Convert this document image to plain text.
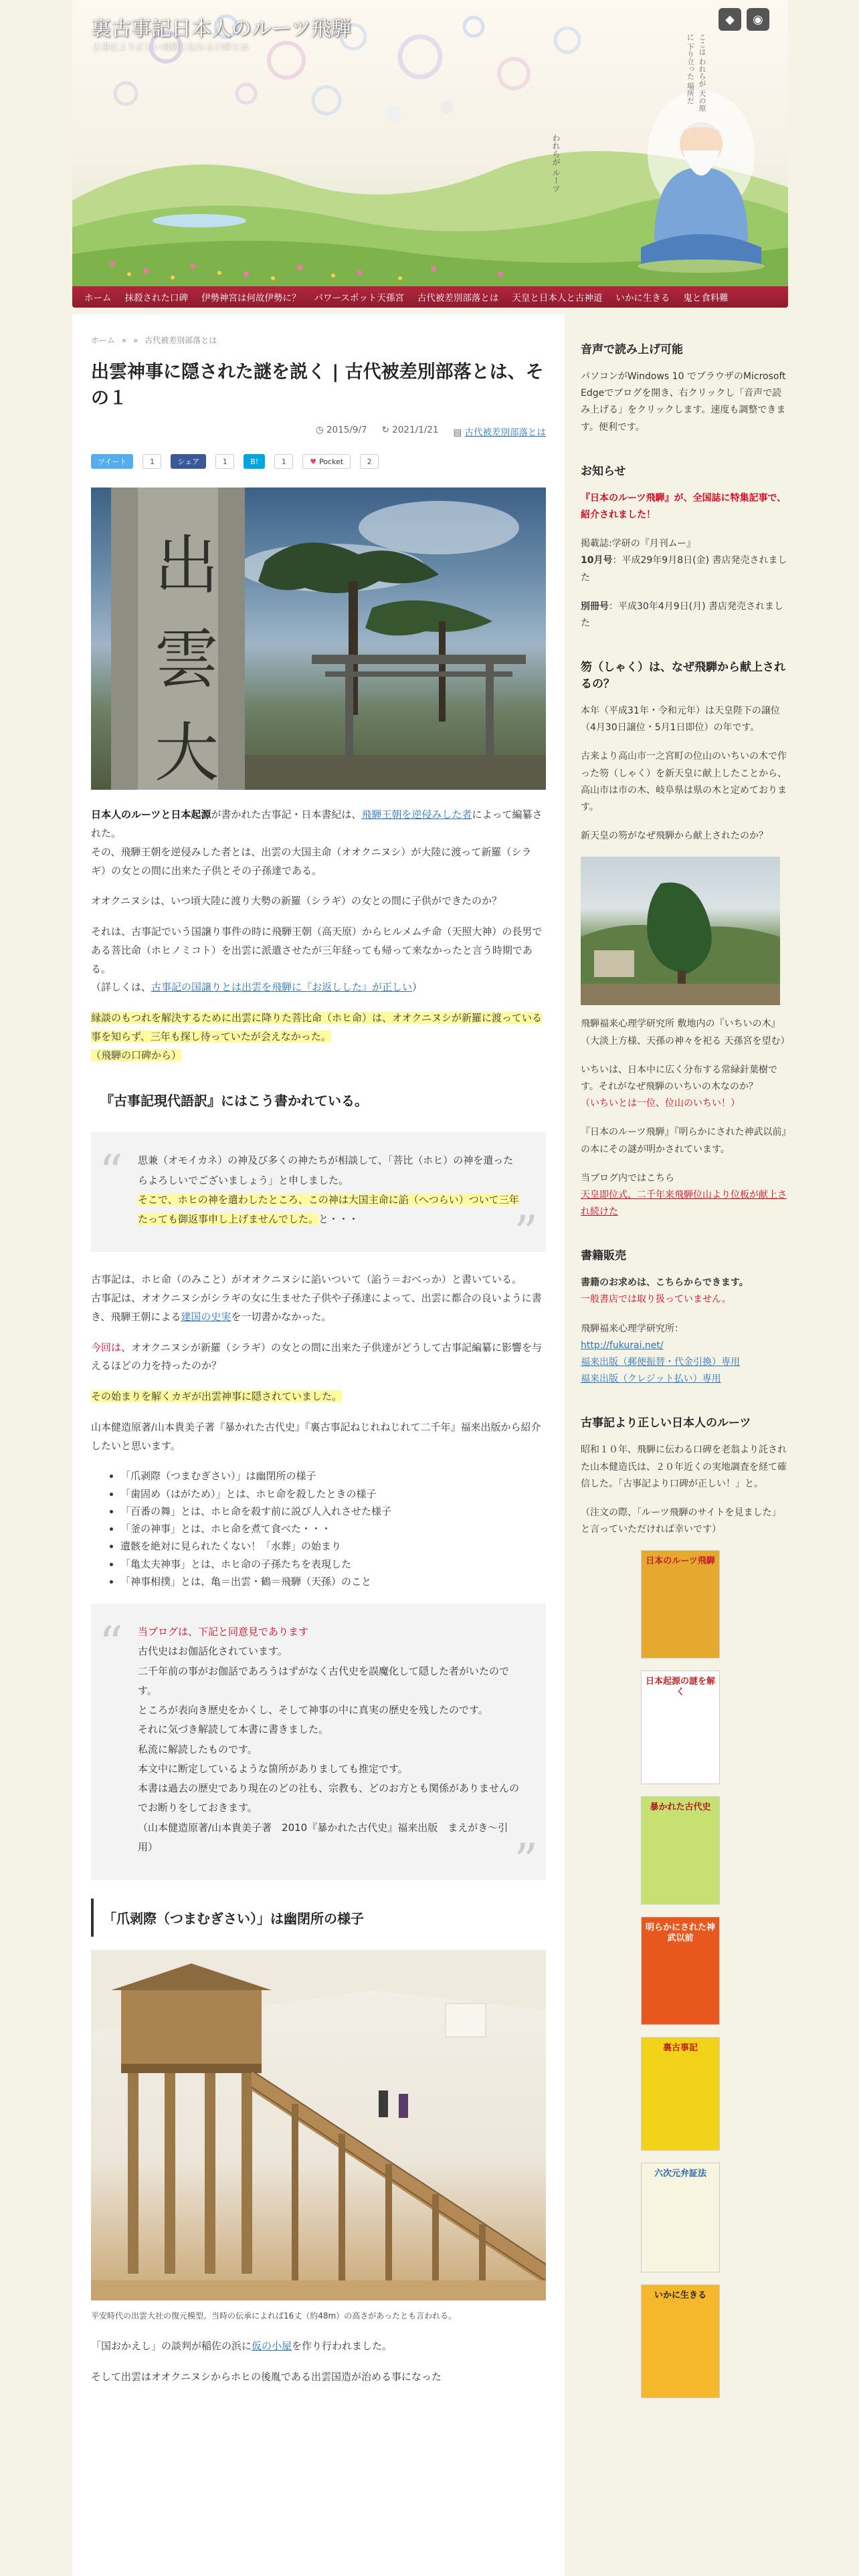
ここは われらが 天の原に 下り立った 場所だ
われらが ルーツ
裏古事記日本人のルーツ飛騨
古事記より正しい飛騨に伝わる口碑とは
◆	◉
ホーム	抹殺された口碑	伊勢神宮は何故伊勢に？	パワースポット天孫宮	古代被差別部落とは	天皇と日本人と古神道	いかに生きる	鬼と食料難
ホーム » » 古代被差別部落とは
出雲神事に隠された謎を説く | 古代被差別部落とは、その１
◷ 2015/9/7 ↻ 2021/1/21 ▤ 古代被差別部落とは
ツイート	1	シェア	1	B!	1	♥ Pocket	2
出
雲
大

日本人のルーツと日本起源が書かれた古事記・日本書紀は、飛騨王朝を逆侵みした者によって編纂された。
その、飛騨王朝を逆侵みした者とは、出雲の大国主命（オオクニヌシ）が大陸に渡って新羅（シラギ）の女との間に出来た子供とその子孫達である。

オオクニヌシは、いつ頃大陸に渡り大勢の新羅（シラギ）の女との間に子供ができたのか？

それは、古事記でいう国譲り事件の時に飛騨王朝（高天原）からヒルメムチ命（天照大神）の長男である菩比命（ホヒノミコト）を出雲に派遣させたが三年経っても帰って来なかったと言う時期である。
（詳しくは、古事記の国譲りとは出雲を飛騨に『お返しした』が正しい）

縁談のもつれを解決するために出雲に降りた菩比命（ホヒ命）は、オオクニヌシが新羅に渡っている事を知らず、三年も探し待っていたが会えなかった。
（飛騨の口碑から）

『古事記現代語訳』にはこう書かれている。
“ 思兼（オモイカネ）の神及び多くの神たちが相談して、「菩比（ホヒ）の神を遣ったらよろしいでございましょう」と申しました。
そこで、ホヒの神を遣わしたところ、この神は大国主命に諂（へつらい）ついて三年たっても御返事申し上げませんでした。と・・・	”

古事記は、ホヒ命（のみこと）がオオクニヌシに諂いついて（諂う＝おべっか）と書いている。
古事記は、オオクニヌシがシラギの女に生ませた子供や子孫達によって、出雲に都合の良いように書き、飛騨王朝による建国の史実を一切書かなかった。

今回は、オオクニヌシが新羅（シラギ）の女との間に出来た子供達がどうして古事記編纂に影響を与えるほどの力を持ったのか？

その始まりを解くカギが出雲神事に隠されていました。

山本健造原著/山本貴美子著『暴かれた古代史』『裏古事記ねじれねじれて二千年』福来出版から紹介したいと思います。

• 「爪剥際（つまむぎさい）」は幽閉所の様子
• 「歯固め（はがため）」とは、ホヒ命を殺したときの様子
• 「百番の舞」とは、ホヒ命を殺す前に説び人入れさせた様子
• 「釜の神事」とは、ホヒ命を煮て食べた・・・
• 遺骸を絶対に見られたくない！「水葬」の始まり
• 「亀太夫神事」とは、ホヒ命の子孫たちを表現した
• 「神事相撲」とは、亀＝出雲・鶴＝飛騨（天孫）のこと
“ 当ブログは、下記と同意見であります
古代史はお伽話化されています。
二千年前の事がお伽話であろうはずがなく古代史を誤魔化して隠した者がいたのです。
ところが表向き歴史をかくし、そして神事の中に真実の歴史を残したのです。
それに気づき解読して本書に書きました。
私流に解読したものです。
本文中に断定しているような箇所がありましても推定です。
本書は過去の歴史であり現在のどの社も、宗教も、どのお方とも関係がありませんのでお断りをしておきます。
（山本健造原著/山本貴美子著　2010『暴かれた古代史』福来出版　まえがき～引用）	”
「爪剥際（つまむぎさい）」は幽閉所の様子

平安時代の出雲大社の復元模型。当時の伝承によれば16丈（約48m）の高さがあったとも言われる。

「国おかえし」の談判が稲佐の浜に仮の小屋を作り行われました。

そして出雲はオオクニヌシからホヒの後胤である出雲国造が治める事になった

音声で読み上げ可能
パソコンがWindows 10 でブラウザのMicrosoft Edgeでブログを開き、右クリックし「音声で読み上げる」をクリックします。速度も調整できます。便利です。
お知らせ
『日本のルーツ飛騨』が、全国誌に特集記事で、紹介されました！
掲載誌:学研の『月刊ムー』
10月号：平成29年9月8日(金) 書店発売されました
別冊号：平成30年4月9日(月) 書店発売されました
笏（しゃく）は、なぜ飛騨から献上されるの？
本年（平成31年・令和元年）は天皇陛下の譲位（4月30日譲位・5月1日即位）の年です。
古来より高山市一之宮町の位山のいちいの木で作った笏（しゃく）を新天皇に献上したことから、高山市は市の木、岐阜県は県の木と定めております。
新天皇の笏がなぜ飛騨から献上されたのか？
飛騨福来心理学研究所 敷地内の『いちいの木』（大淡上方様、天孫の神々を祀る 天孫宮を望む）
いちいは、日本中に広く分布する常緑針葉樹です。それがなぜ飛騨のいちいの木なのか？
（いちいとは一位、位山のいちい！）
『日本のルーツ飛騨』『明らかにされた神武以前』の本にその謎が明かされています。
当ブログ内ではこちら
天皇即位式、二千年来飛騨位山より位板が献上され続けた
書籍販売
書籍のお求めは、こちらからできます。
一般書店では取り扱っていません。
飛騨福来心理学研究所：
http://fukurai.net/
福来出版（郵便振替・代金引換）専用
福来出版（クレジット払い）専用
古事記より正しい日本人のルーツ
昭和１０年、飛騨に伝わる口碑を老翁より託された山本健造氏は、２０年近くの実地調査を経て確信した。「古事記より口碑が正しい！」と。
（注文の際、「ルーツ飛騨のサイトを見ました」と言っていただければ幸いです）
日本のルーツ飛騨
日本起源の謎を解く
暴かれた古代史
明らかにされた神武以前
裏古事記
六次元弁証法
いかに生きる
